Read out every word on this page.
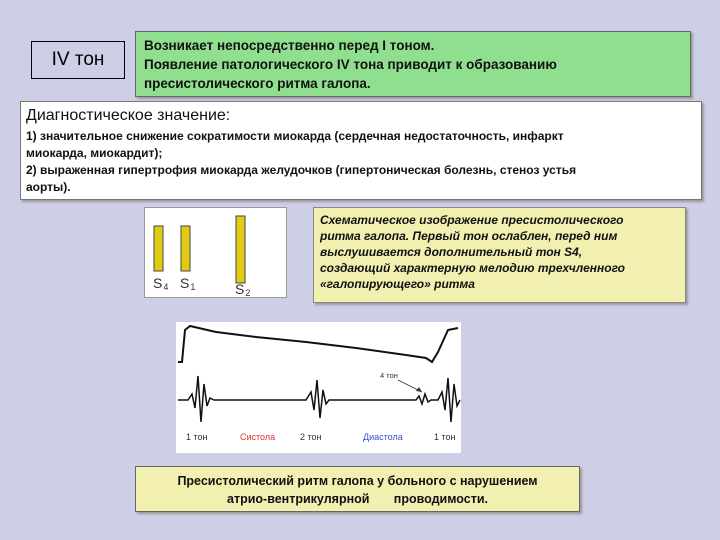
IV тон
Возникает непосредственно перед I тоном.
Появление патологического IV тона приводит к образованию
пресистолического ритма галопа.
Диагностическое значение:
1) значительное снижение сократимости миокарда (сердечная недостаточность, инфаркт
миокарда, миокардит);
2) выраженная гипертрофия миокарда желудочков (гипертоническая болезнь, стеноз устья
аорты).
S4 S1	S2
Схематическое изображение пресистолического
ритма галопа. Первый тон ослаблен, перед ним
выслушивается дополнительный тон S4,
создающий характерную мелодию трехчленного
«галопирующего» ритма
4 тон
1 тон	Систола	2 тон	Диастола	1 тон
Пресистолический ритм галопа у больного с нарушением
атрио-вентрикулярной       проводимости.
